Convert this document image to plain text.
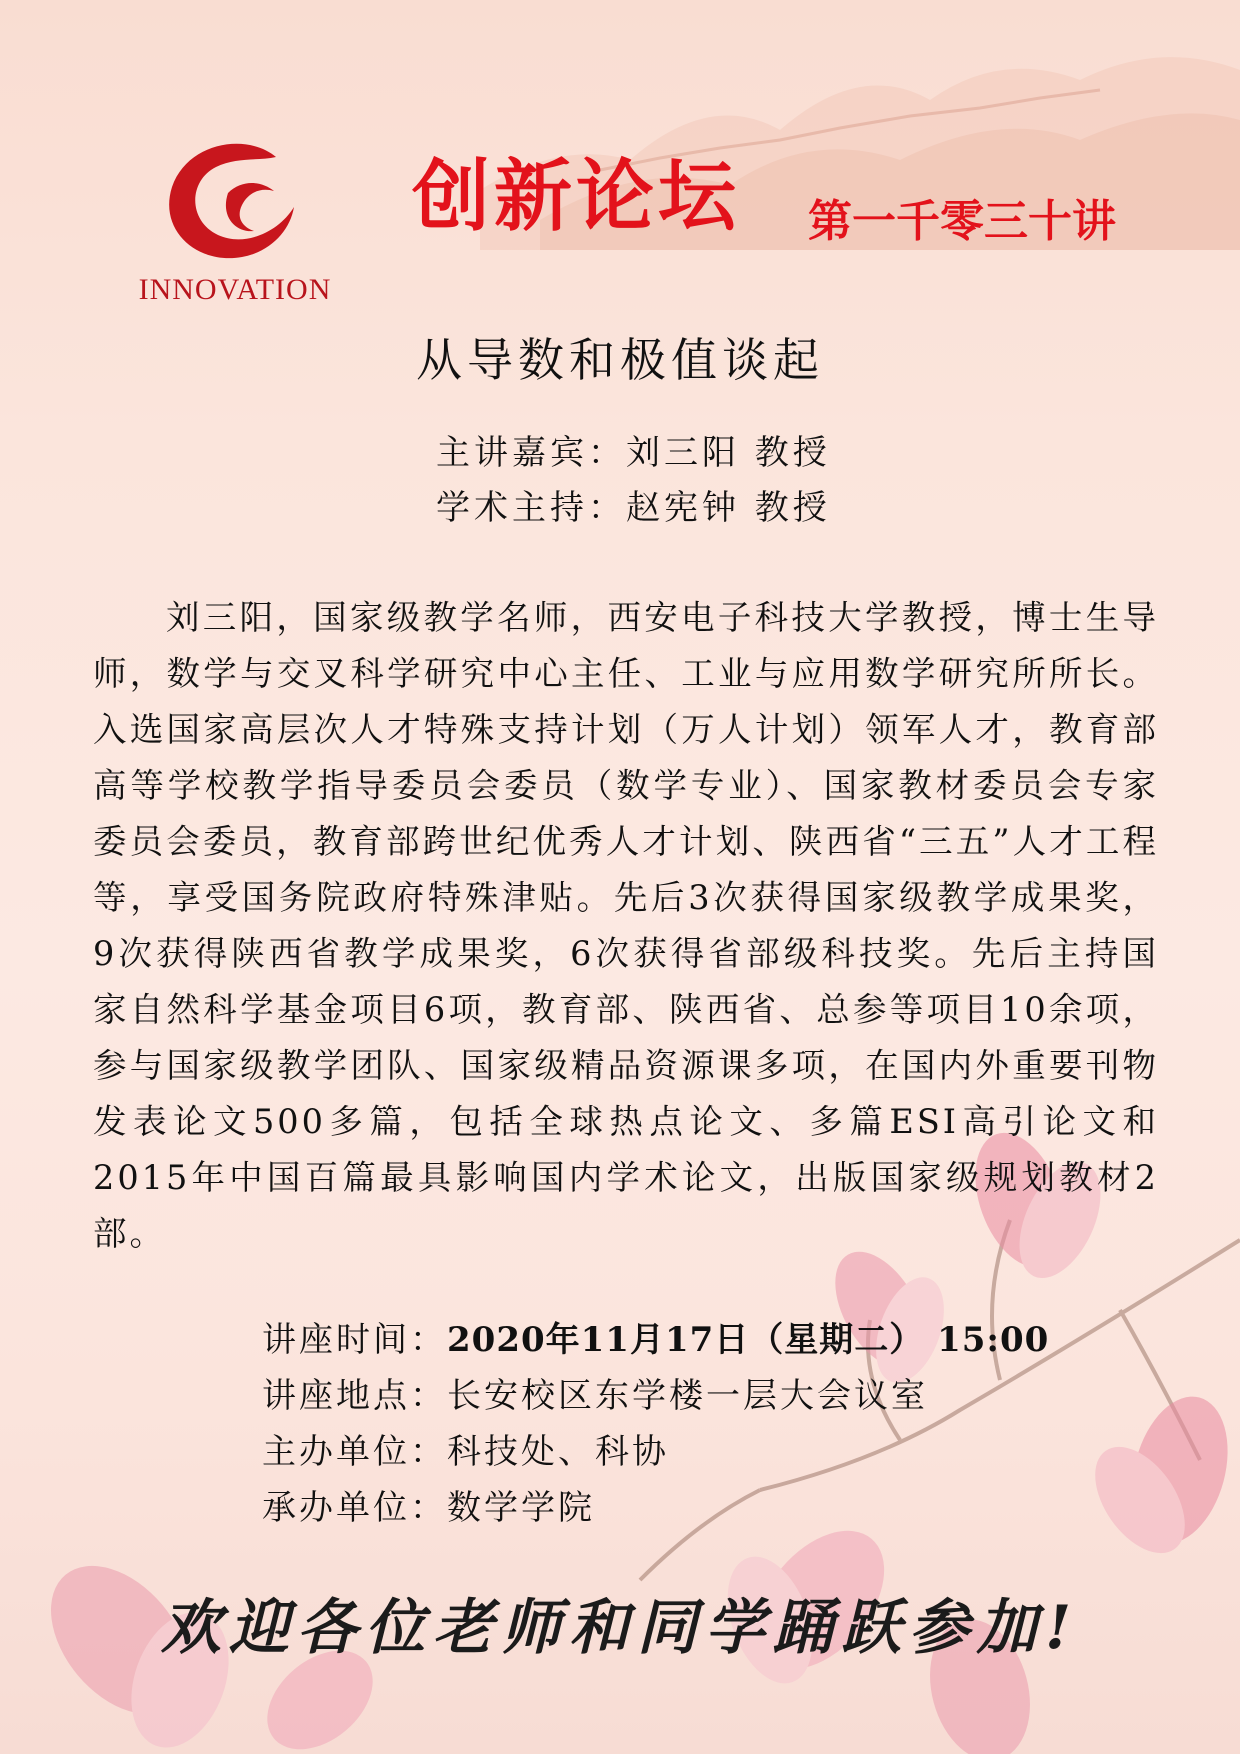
INNOVATION
创新论坛 第一千零三十讲
从导数和极值谈起
主讲嘉宾：刘三阳 教授
学术主持：赵宪钟 教授

刘三阳，国家级教学名师，西安电子科技大学教授，博士生导师，数学与交叉科学研究中心主任、工业与应用数学研究所所长。入选国家高层次人才特殊支持计划（万人计划）领军人才，教育部高等学校教学指导委员会委员（数学专业）、国家教材委员会专家委员会委员，教育部跨世纪优秀人才计划、陕西省“三五”人才工程等，享受国务院政府特殊津贴。先后3次获得国家级教学成果奖，9次获得陕西省教学成果奖，6次获得省部级科技奖。先后主持国家自然科学基金项目6项，教育部、陕西省、总参等项目10余项，参与国家级教学团队、国家级精品资源课多项，在国内外重要刊物发表论文500多篇，包括全球热点论文、多篇ESI高引论文和2015年中国百篇最具影响国内学术论文，出版国家级规划教材2部。

讲座时间：2020年11月17日（星期二） 15:00
讲座地点：长安校区东学楼一层大会议室
主办单位：科技处、科协
承办单位：数学学院
欢迎各位老师和同学踊跃参加!
